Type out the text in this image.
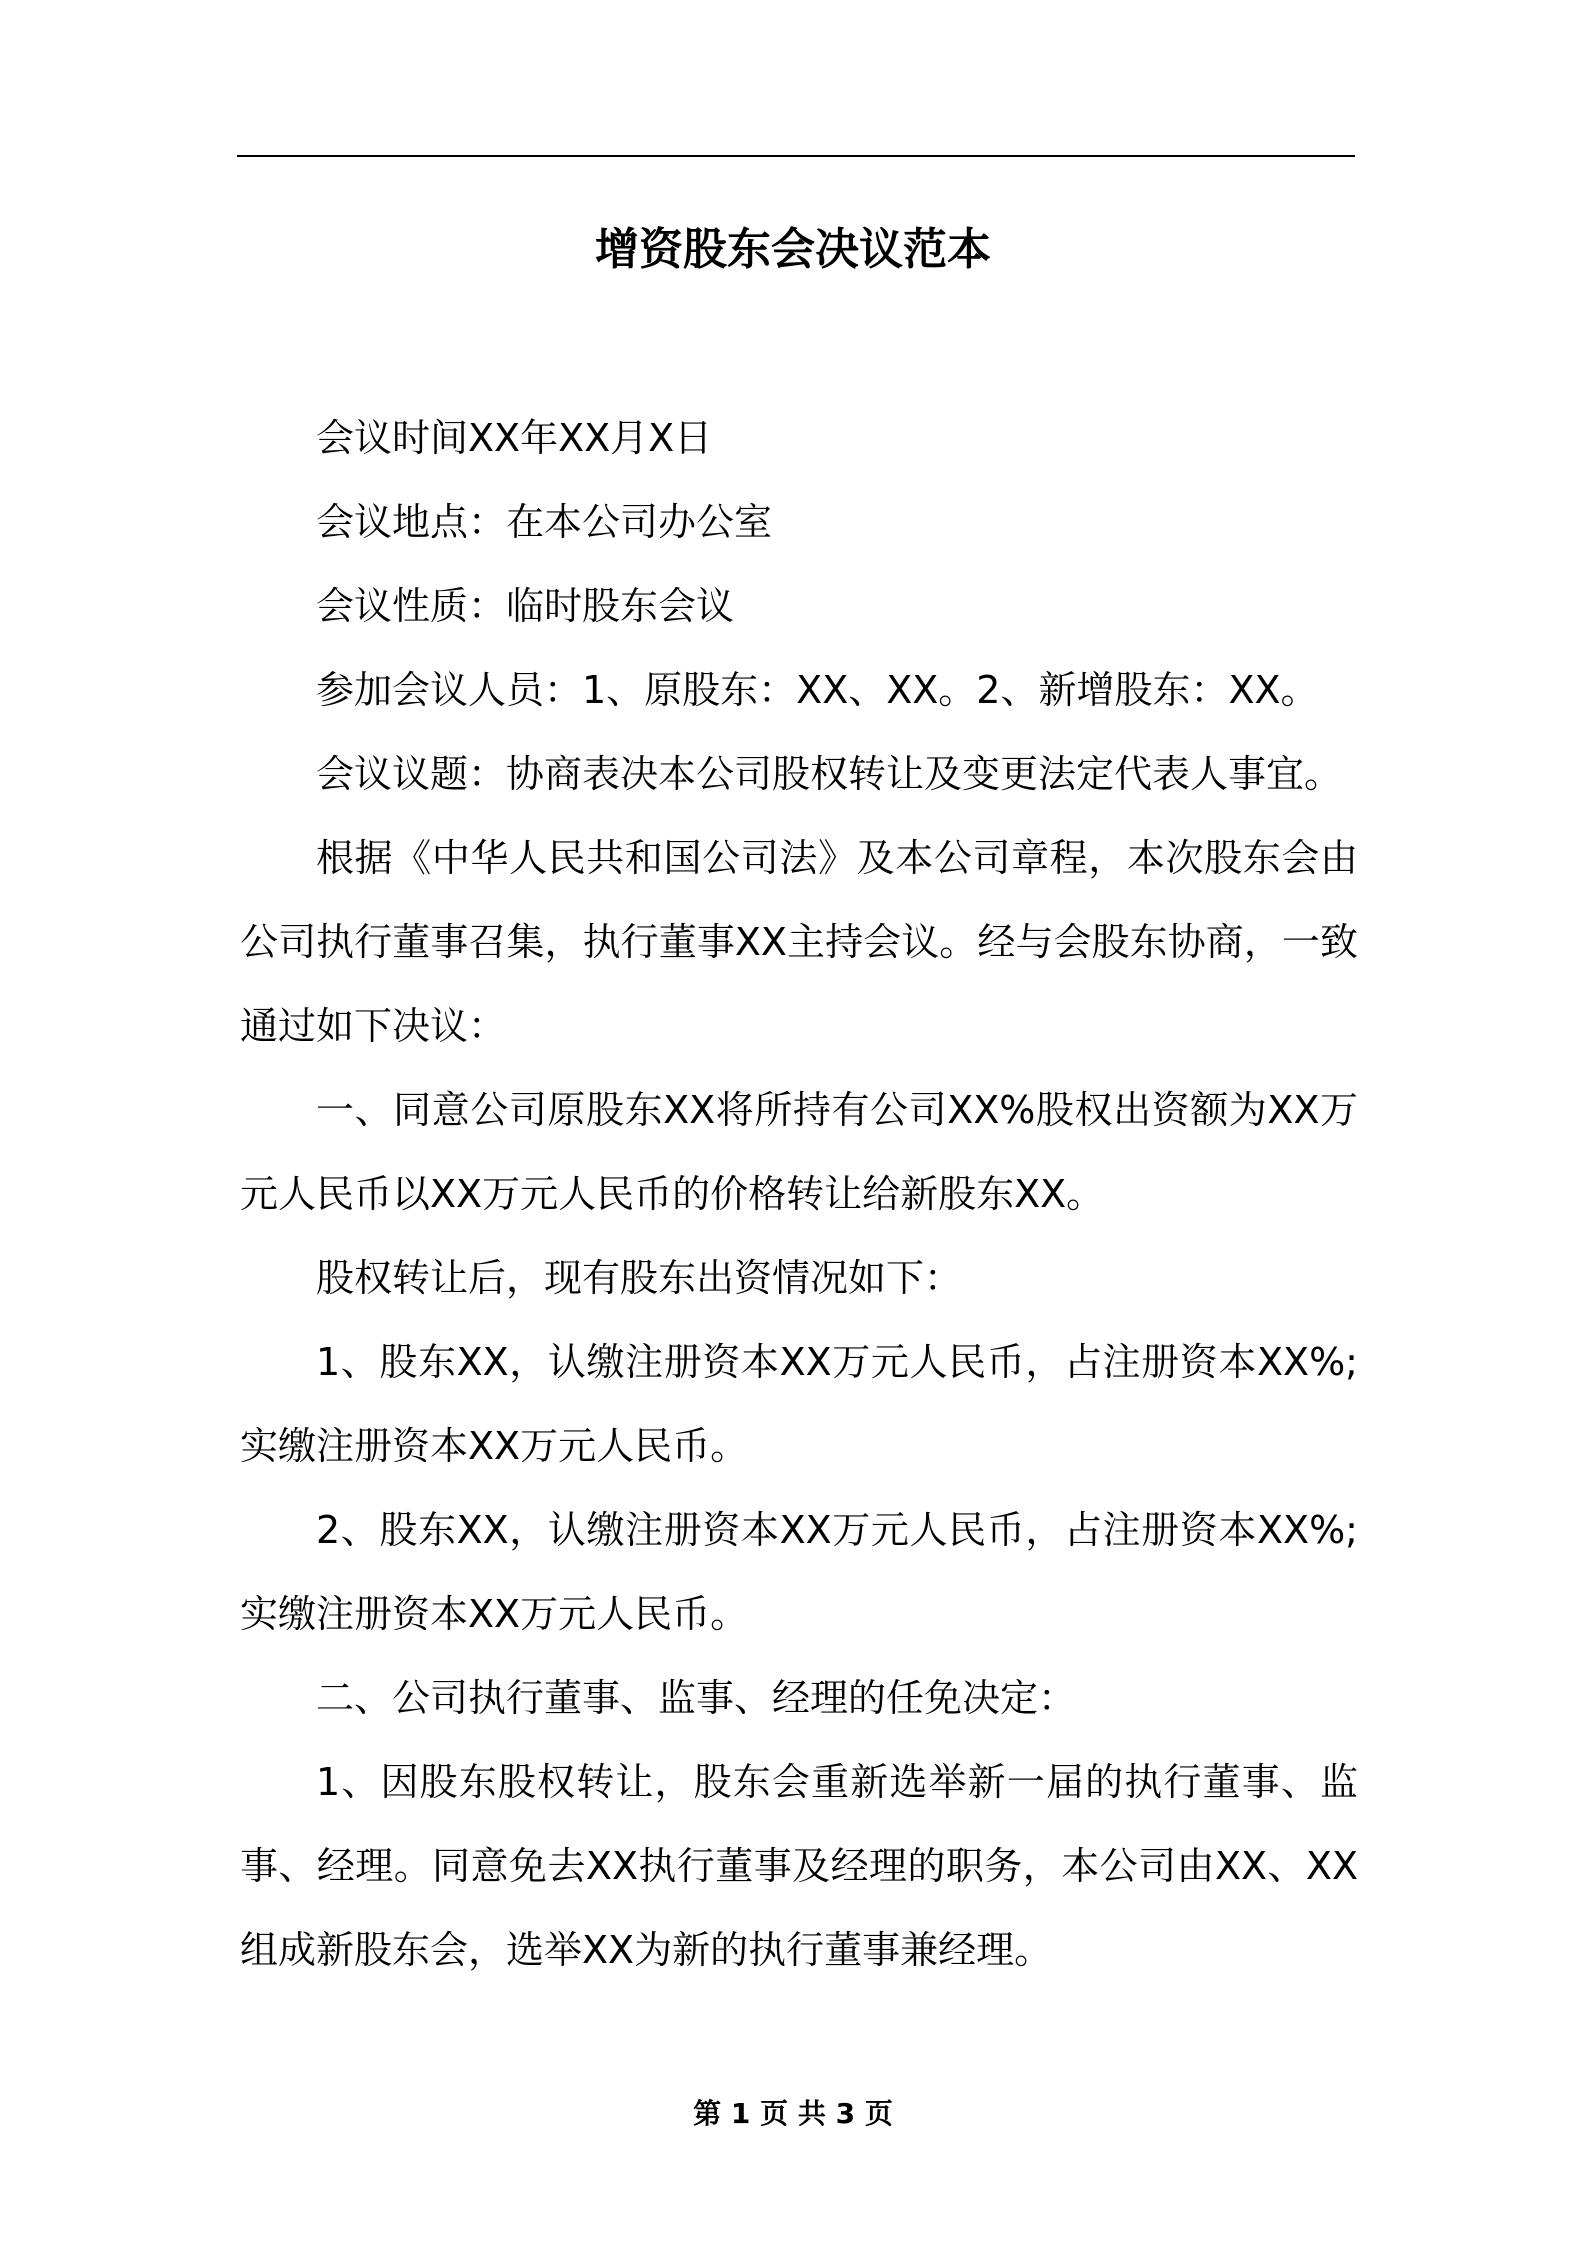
增资股东会决议范本

会议时间XX年XX月X日

会议地点：在本公司办公室

会议性质：临时股东会议

参加会议人员：1、原股东：XX、XX。2、新增股东：XX。

会议议题：协商表决本公司股权转让及变更法定代表人事宜。

根据《中华人民共和国公司法》及本公司章程，本次股东会由公司执行董事召集，执行董事XX主持会议。经与会股东协商，一致通过如下决议：

一、同意公司原股东XX将所持有公司XX%股权出资额为XX万元人民币以XX万元人民币的价格转让给新股东XX。

股权转让后，现有股东出资情况如下：

1、股东XX，认缴注册资本XX万元人民币，占注册资本XX%;实缴注册资本XX万元人民币。

2、股东XX，认缴注册资本XX万元人民币，占注册资本XX%;实缴注册资本XX万元人民币。

二、公司执行董事、监事、经理的任免决定：

1、因股东股权转让，股东会重新选举新一届的执行董事、监事、经理。同意免去XX执行董事及经理的职务，本公司由XX、XX组成新股东会，选举XX为新的执行董事兼经理。

第 1 页 共 3 页
